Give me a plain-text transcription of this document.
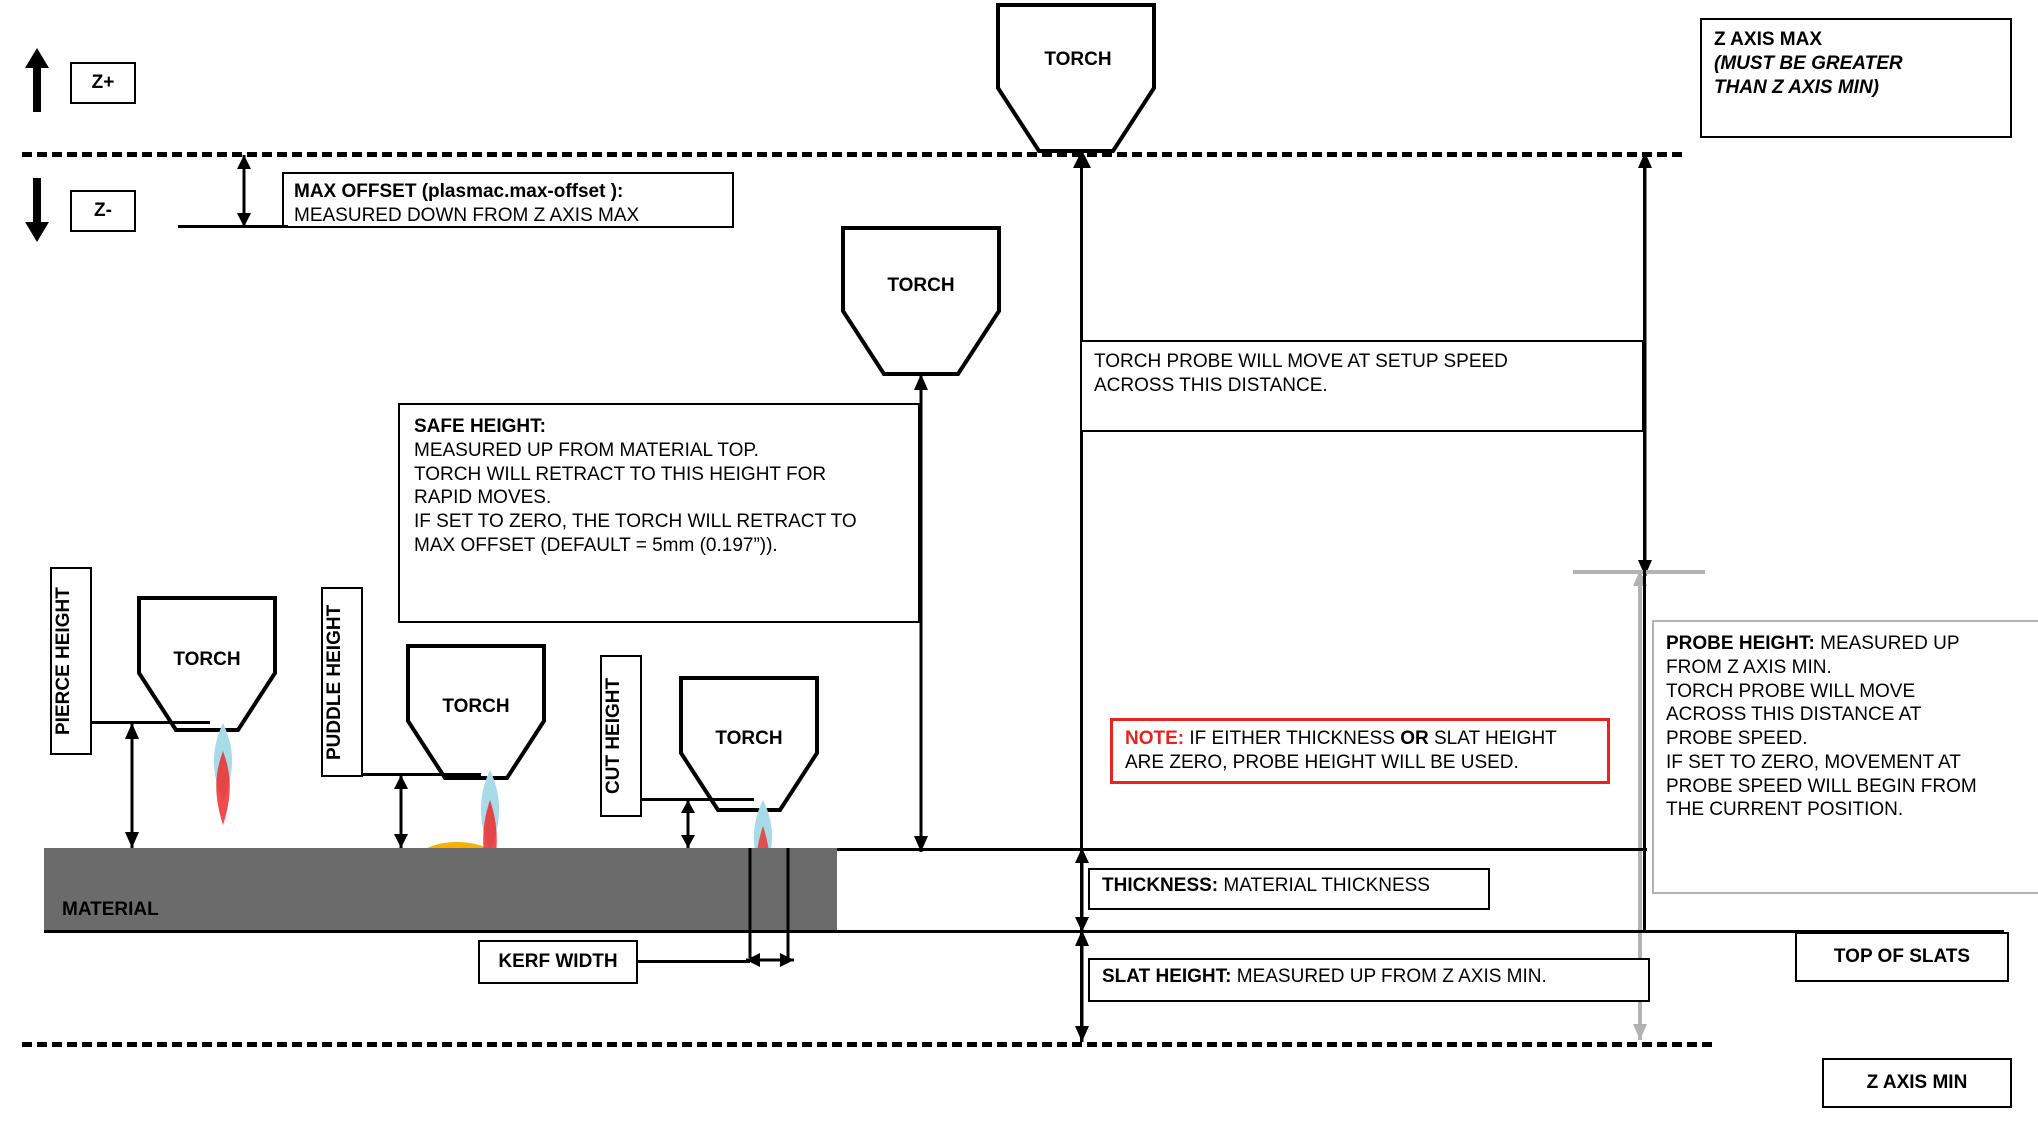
Z AXIS MAX
(MUST BE GREATER
THAN Z AXIS MIN)
Z+
Z-
MAX OFFSET (plasmac.max-offset ):
MEASURED DOWN FROM Z AXIS MAX
TORCH
TORCH
SAFE HEIGHT:
MEASURED UP FROM MATERIAL TOP.
TORCH WILL RETRACT TO THIS HEIGHT FOR
RAPID MOVES.
IF SET TO ZERO, THE TORCH WILL RETRACT TO
MAX OFFSET (DEFAULT = 5mm (0.197”)).
TORCH PROBE WILL MOVE AT SETUP SPEED
ACROSS THIS DISTANCE.
PROBE HEIGHT: MEASURED UP
FROM Z AXIS MIN.
TORCH PROBE WILL MOVE
ACROSS THIS DISTANCE AT
PROBE SPEED.
IF SET TO ZERO, MOVEMENT AT
PROBE SPEED WILL BEGIN FROM
THE CURRENT POSITION.
NOTE: IF EITHER THICKNESS OR SLAT HEIGHT
ARE ZERO, PROBE HEIGHT WILL BE USED.
PIERCE HEIGHT	TORCH	PUDDLE HEIGHT	TORCH	CUT HEIGHT	TORCH
MATERIAL
KERF WIDTH
THICKNESS: MATERIAL THICKNESS
SLAT HEIGHT: MEASURED UP FROM Z AXIS MIN.
TOP OF SLATS
Z AXIS MIN
